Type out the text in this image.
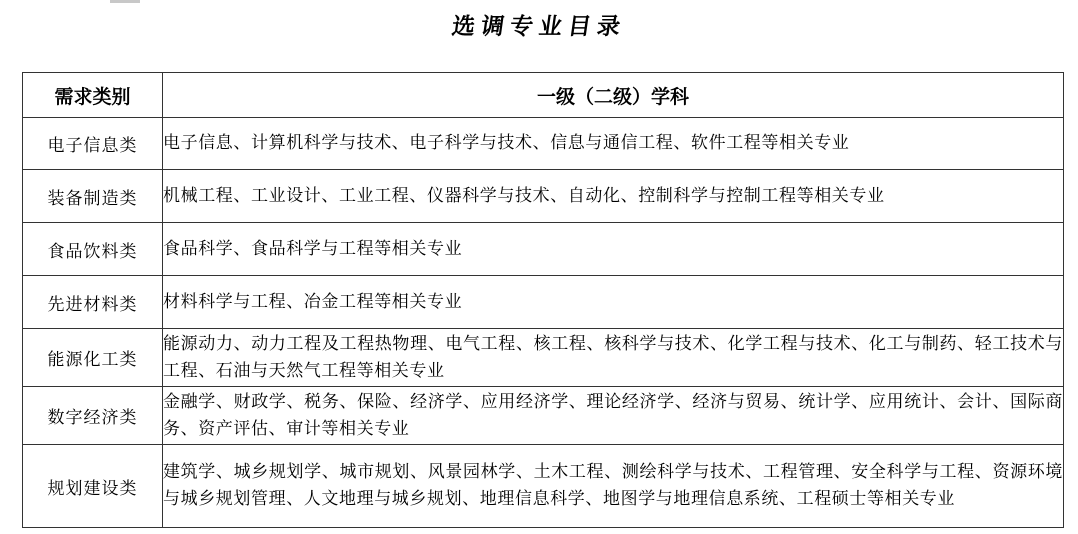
选调专业目录
需求类别	一级（二级）学科
电子信息类	电子信息、计算机科学与技术、电子科学与技术、信息与通信工程、软件工程等相关专业
装备制造类	机械工程、工业设计、工业工程、仪器科学与技术、自动化、控制科学与控制工程等相关专业
食品饮料类	食品科学、食品科学与工程等相关专业
先进材料类	材料科学与工程、冶金工程等相关专业
能源化工类	能源动力、动力工程及工程热物理、电气工程、核工程、核科学与技术、化学工程与技术、化工与制药、轻工技术与工程、石油与天然气工程等相关专业
数字经济类	金融学、财政学、税务、保险、经济学、应用经济学、理论经济学、经济与贸易、统计学、应用统计、会计、国际商务、资产评估、审计等相关专业
规划建设类	建筑学、城乡规划学、城市规划、风景园林学、土木工程、测绘科学与技术、工程管理、安全科学与工程、资源环境与城乡规划管理、人文地理与城乡规划、地理信息科学、地图学与地理信息系统、工程硕士等相关专业
